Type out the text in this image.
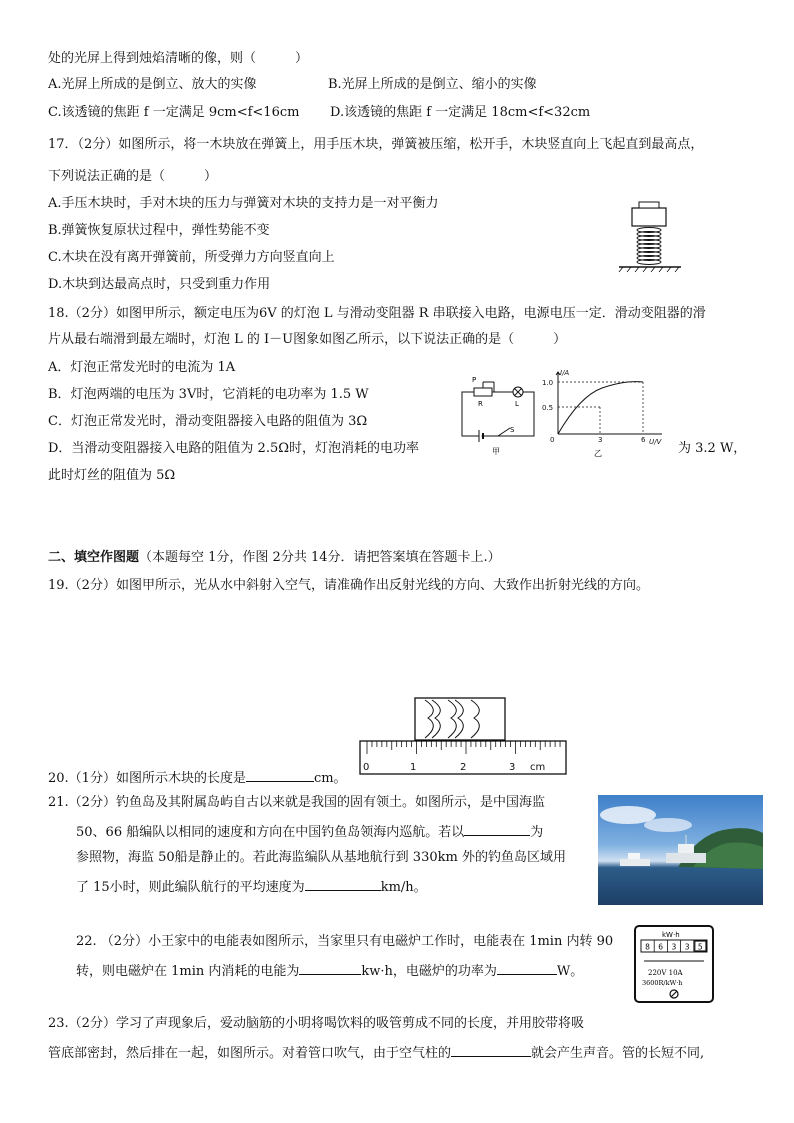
处的光屏上得到烛焰清晰的像，则（　　　）
A.光屏上所成的是倒立、放大的实像	B.光屏上所成的是倒立、缩小的实像
C.该透镜的焦距 f 一定满足 9cm<f<16cm D.该透镜的焦距 f 一定满足 18cm<f<32cm
17．（2分）如图所示，将一木块放在弹簧上，用手压木块，弹簧被压缩，松开手，木块竖直向上飞起直到最高点，
下列说法正确的是（　　　）
A.手压木块时，手对木块的压力与弹簧对木块的支持力是一对平衡力
B.弹簧恢复原状过程中，弹性势能不变
C.木块在没有离开弹簧前，所受弹力方向竖直向上
D.木块到达最高点时，只受到重力作用
18.（2分）如图甲所示，额定电压为6V 的灯泡 L 与滑动变阻器 R 串联接入电路，电源电压一定．滑动变阻器的滑
片从最右端滑到最左端时，灯泡 L 的 I－U图象如图乙所示，以下说法正确的是（　　　）
A．灯泡正常发光时的电流为 1A
B．灯泡两端的电压为 3V时，它消耗的电功率为 1.5 W
C．灯泡正常发光时，滑动变阻器接入电路的阻值为 3Ω
D．当滑动变阻器接入电路的阻值为 2.5Ω时，灯泡消耗的电功率	为 3.2 W，
此时灯丝的阻值为 5Ω
P
R	L
S
甲
I/A
1.0
0.5
0	3	6 U/V
乙
二、填空作图题（本题每空 1分，作图 2分共 14分．请把答案填在答题卡上.）
19.（2分）如图甲所示，光从水中斜射入空气，请准确作出反射光线的方向、大致作出折射光线的方向。
0	1	2	3 cm
20.（1分）如图所示木块的长度是	cm。
21.（2分）钓鱼岛及其附属岛屿自古以来就是我国的固有领土。如图所示，是中国海监
50、66 船编队以相同的速度和方向在中国钓鱼岛领海内巡航。若以	为
参照物，海监 50船是静止的。若此海监编队从基地航行到 330km 外的钓鱼岛区域用
了 15小时，则此编队航行的平均速度为	km/h。
22. （2分）小王家中的电能表如图所示，当家里只有电磁炉工作时，电能表在 1min 内转 90
转，则电磁炉在 1min 内消耗的电能为	kw·h，电磁炉的功率为	W。
kW·h
8 6 3 3 5
220V 10A
3600R/kW·h
23.（2分）学习了声现象后，爱动脑筋的小明将喝饮料的吸管剪成不同的长度，并用胶带将吸
管底部密封，然后排在一起，如图所示。对着管口吹气，由于空气柱的	就会产生声音。管的长短不同,
